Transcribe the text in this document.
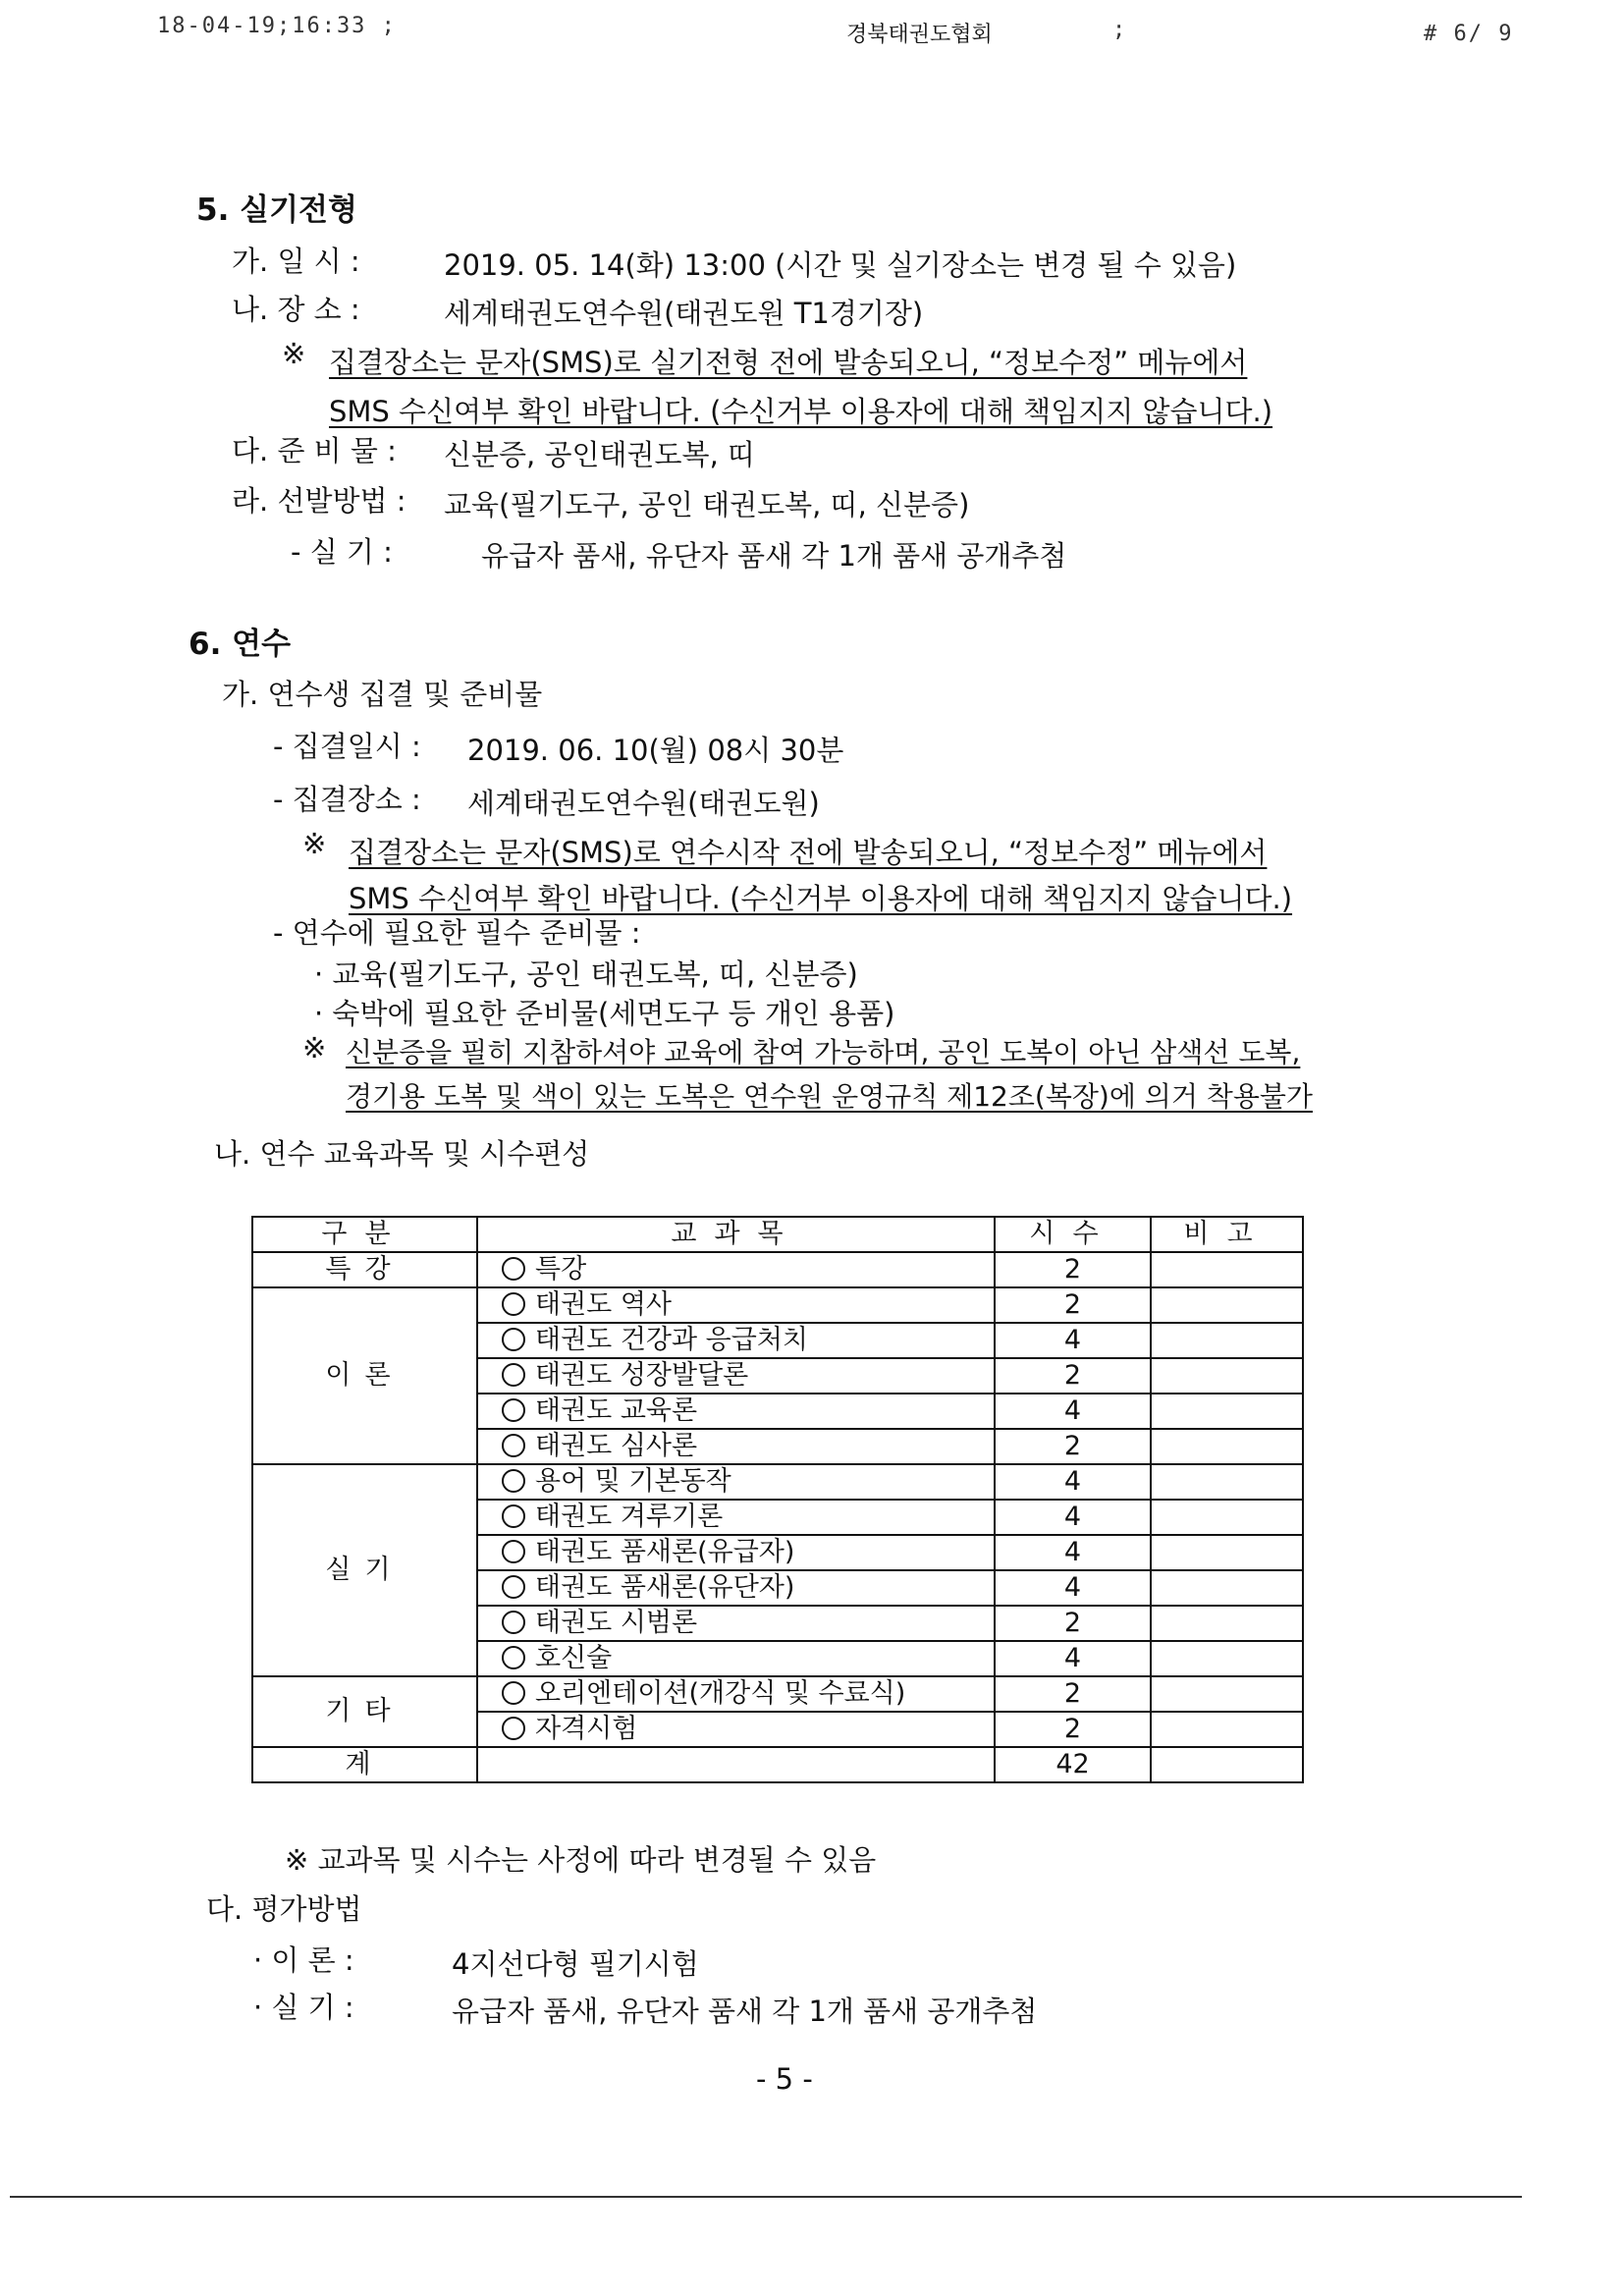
18-04-19;16:33 ;	경북태권도협회	;	# 6/ 9
5. 실기전형
가. 일 시 :	2019. 05. 14(화) 13:00 (시간 및 실기장소는 변경 될 수 있음)
나. 장 소 :	세계태권도연수원(태권도원 T1경기장)
※ 집결장소는 문자(SMS)로 실기전형 전에 발송되오니, “정보수정” 메뉴에서
SMS 수신여부 확인 바랍니다. (수신거부 이용자에 대해 책임지지 않습니다.)
다. 준 비 물 : 신분증, 공인태권도복, 띠
라. 선발방법 : 교육(필기도구, 공인 태권도복, 띠, 신분증)
- 실 기 :	유급자 품새, 유단자 품새 각 1개 품새 공개추첨
6. 연수
가. 연수생 집결 및 준비물
- 집결일시 : 2019. 06. 10(월) 08시 30분
- 집결장소 : 세계태권도연수원(태권도원)
※ 집결장소는 문자(SMS)로 연수시작 전에 발송되오니, “정보수정” 메뉴에서
SMS 수신여부 확인 바랍니다. (수신거부 이용자에 대해 책임지지 않습니다.)
- 연수에 필요한 필수 준비물 :
· 교육(필기도구, 공인 태권도복, 띠, 신분증)
· 숙박에 필요한 준비물(세면도구 등 개인 용품)
※ 신분증을 필히 지참하셔야 교육에 참여 가능하며, 공인 도복이 아닌 삼색선 도복,
경기용 도복 및 색이 있는 도복은 연수원 운영규칙 제12조(복장)에 의거 착용불가
나. 연수 교육과목 및 시수편성
구분	교과목	시수	비고
특강	특강	2	
이론	태권도 역사	2	
	태권도 건강과 응급처치	4	
	태권도 성장발달론	2	
	태권도 교육론	4	
	태권도 심사론	2	
실기	용어 및 기본동작	4	
	태권도 겨루기론	4	
	태권도 품새론(유급자)	4	
	태권도 품새론(유단자)	4	
	태권도 시범론	2	
	호신술	4	
기타	오리엔테이션(개강식 및 수료식)	2	
	자격시험	2	
계		42	
※ 교과목 및 시수는 사정에 따라 변경될 수 있음
다. 평가방법
· 이 론 :	4지선다형 필기시험
· 실 기 :	유급자 품새, 유단자 품새 각 1개 품새 공개추첨
- 5 -
